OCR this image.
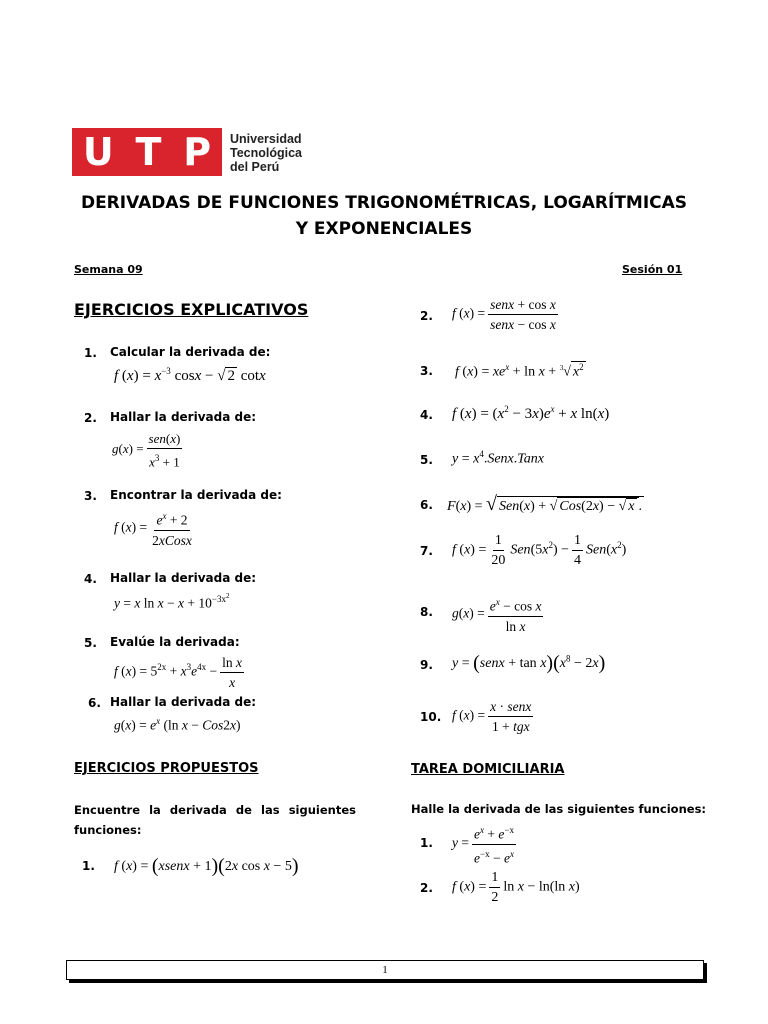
U T P Universidad
Tecnológica
del Perú
DERIVADAS DE FUNCIONES TRIGONOMÉTRICAS, LOGARÍTMICAS
Y EXPONENCIALES
Semana 09	Sesión 01
EJERCICIOS EXPLICATIVOS
1. Calcular la derivada de:
f $(x) = x^{-3}$ cosx − √ 2 cotx
2. Hallar la derivada de:
$g(x) = \frac{\text{sen(x)}}{x^3 + 1}$
3. Encontrar la derivada de:
f $(x) = \frac{e^x + 2}{\text{2xCosx}}$
4. Hallar la derivada de:
y = x $\ln x - x + 10^{-3x^2}$
5. Evalúe la derivada:
f $(x) = 5^{2x} + x^3e^{4x} - \frac{\text{ln x}}{x}$
6. Hallar la derivada de:
$g(x) = e^x$ (ln x − Cos2x)
EJERCICIOS PROPUESTOS
Encuentre la derivada de las siguientes funciones:
1. f (x) = (xsenx + 1)(2x cos x − 5)
2. f $(x) = \frac{\text{senx + cos x}}{\text{senx − cos x}}$
3. f $(x) = xe^x + \ln x + ^3√$ $x^2$
4. f $(x) = (x^2 - 3x)e^x + x$ ln(x)
5. $y = x^4.Senx.Tanx$
6. F(x) = √ Sen(x) + √ Cos(2x) − √ x .
7. f $(x) = \frac{1}{20} Sen(5x^2) - \frac{1}{4} Sen(x^2)$
8. $g(x) = \frac{e^x - \cos x}{\text{ln x}}$
9. y = (senx + $\tan x)(x^8 - 2x)$
10. f $(x) = \frac{\text{x · senx}}{\text{1 + tgx}}$
TAREA DOMICILIARIA
Halle la derivada de las siguientes funciones:
1. $y = \frac{e^x + e^{-x}}{e^{-x} - e^x}$
2. f $(x) = \frac{1}{2}$ ln x − ln(ln x)
1
